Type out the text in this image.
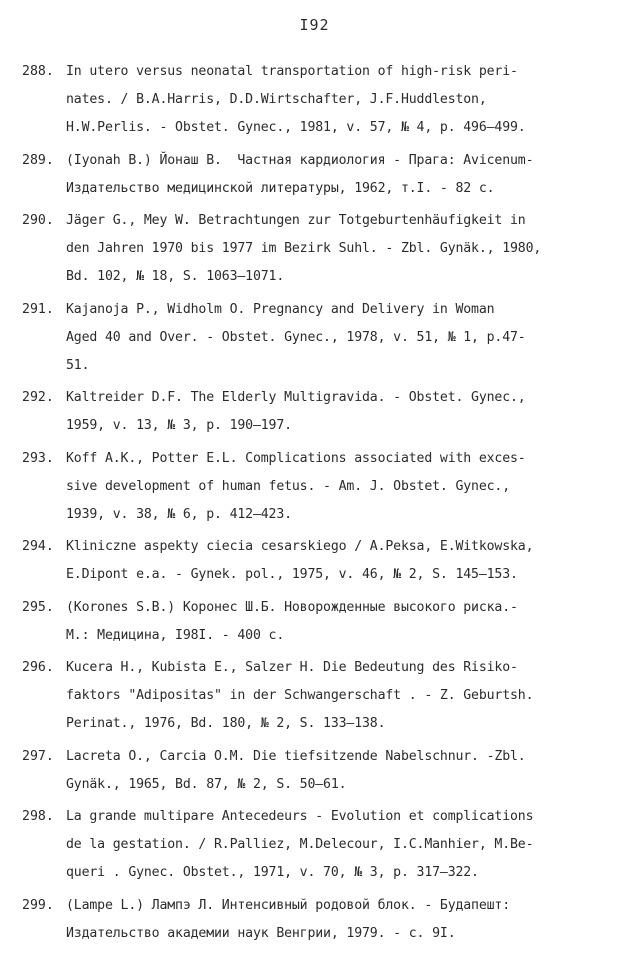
I92
288. In utero versus neonatal transportation of high-risk peri-
nates. / B.A.Harris, D.D.Wirtschafter, J.F.Huddleston,
H.W.Perlis. - Obstet. Gynec., 1981, v. 57, № 4, p. 496–499.
289. (Iyonah B.) Йонаш В.  Частная кардиология - Прага: Avicenum-
Издательство медицинской литературы, 1962, т.I. - 82 с.
290. Jäger G., Mey W. Betrachtungen zur Totgeburtenhäufigkeit in
den Jahren 1970 bis 1977 im Bezirk Suhl. - Zbl. Gynäk., 1980,
Bd. 102, № 18, S. 1063–1071.
291. Kajanoja P., Widholm O. Pregnancy and Delivery in Woman
Aged 40 and Over. - Obstet. Gynec., 1978, v. 51, № 1, p.47-
51.
292. Kaltreider D.F. The Elderly Multigravida. - Obstet. Gynec.,
1959, v. 13, № 3, p. 190–197.
293. Koff A.K., Potter E.L. Complications associated with exces-
sive development of human fetus. - Am. J. Obstet. Gynec.,
1939, v. 38, № 6, p. 412–423.
294. Kliniczne aspekty ciecia cesarskiego / A.Peksa, E.Witkowska,
E.Dipont e.a. - Gynek. pol., 1975, v. 46, № 2, S. 145–153.
295. (Korones S.B.) Коронес Ш.Б. Новорожденные высокого риска.-
М.: Медицина, I98I. - 400 с.
296. Kucera H., Kubista E., Salzer H. Die Bedeutung des Risiko-
faktors "Adipositas" in der Schwangerschaft . - Z. Geburtsh.
Perinat., 1976, Bd. 180, № 2, S. 133–138.
297. Lacreta O., Carcia O.M. Die tiefsitzende Nabelschnur. -Zbl.
Gynäk., 1965, Bd. 87, № 2, S. 50–61.
298. La grande multipare Antecedeurs - Evolution et complications
de la gestation. / R.Palliez, M.Delecour, I.C.Manhier, M.Be-
queri . Gynec. Obstet., 1971, v. 70, № 3, p. 317–322.
299. (Lampe L.) Лампэ Л. Интенсивный родовой блок. - Будапешт:
Издательство академии наук Венгрии, 1979. - с. 9I.
